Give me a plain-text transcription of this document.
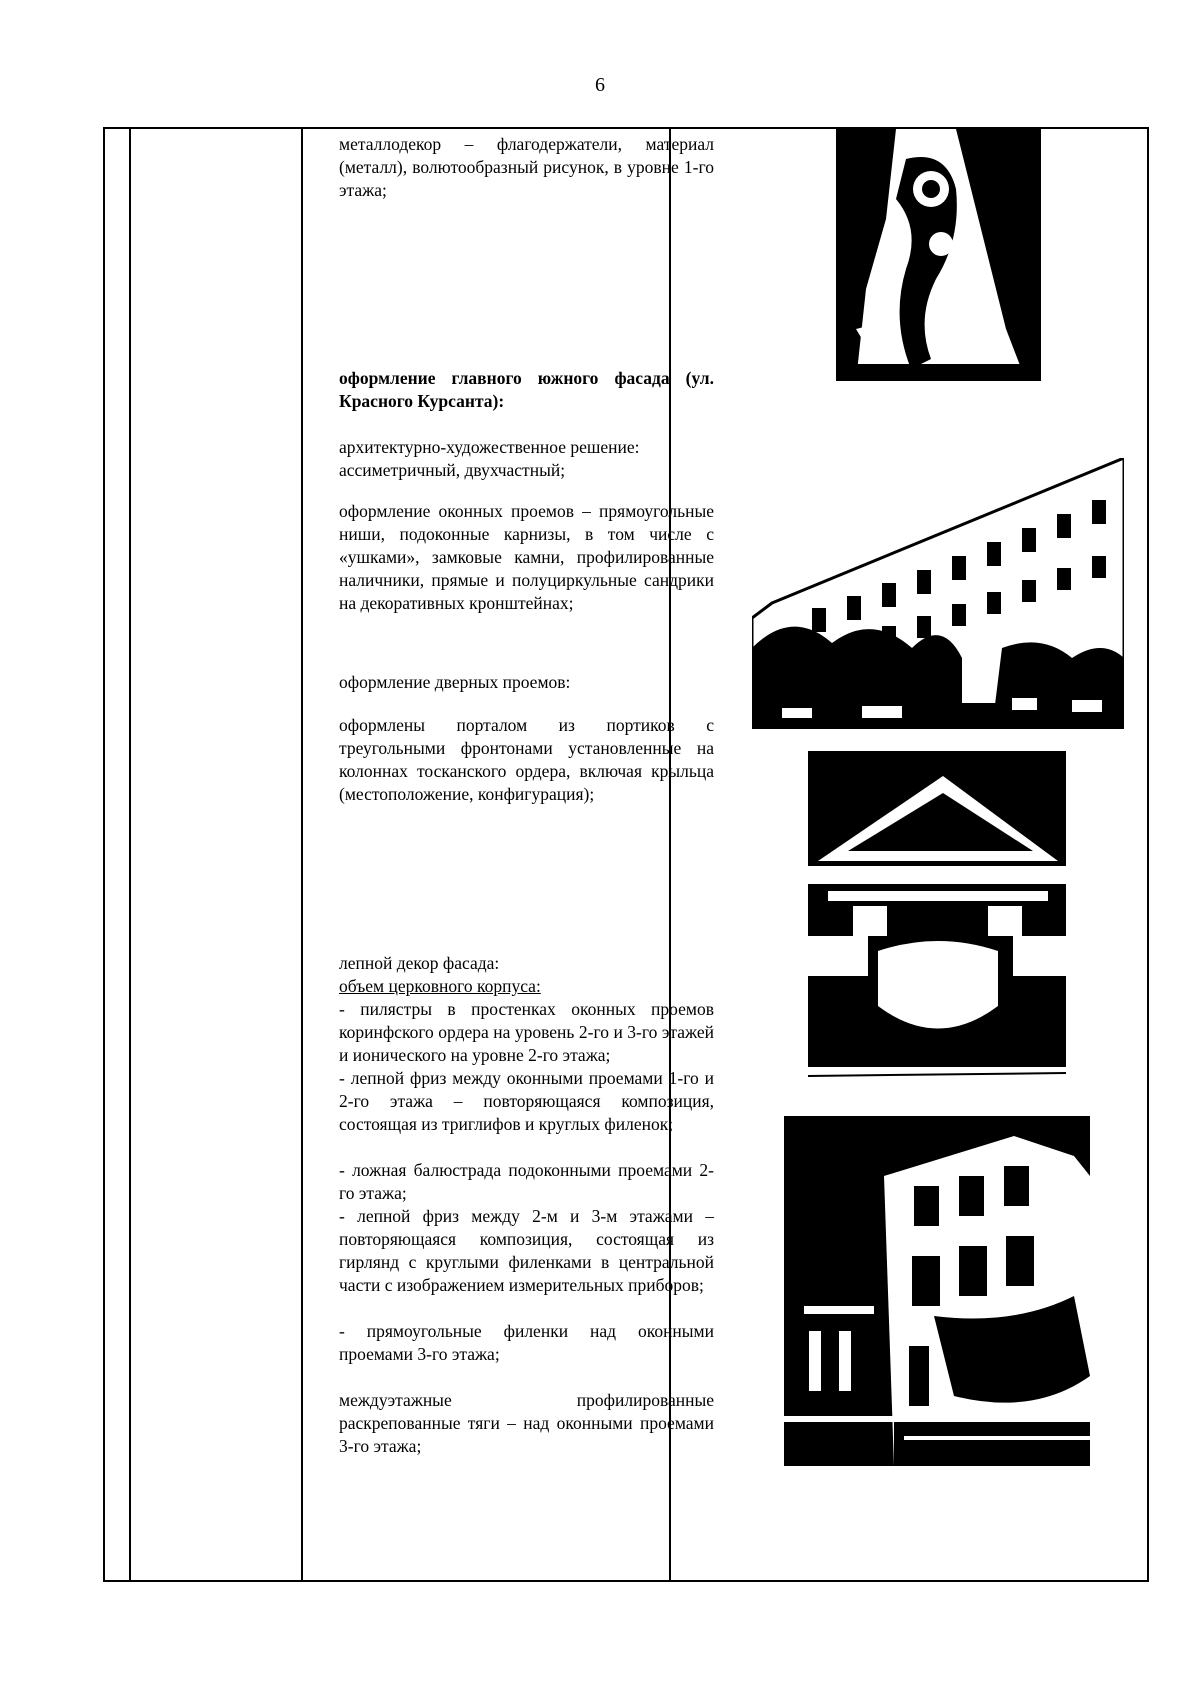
6

металлодекор – флагодержатели, материал (металл), волютообразный рисунок, в уровне 1-го этажа;

оформление главного южного фасада (ул. Красного Курсанта):

архитектурно-художественное решение: ассиметричный, двухчастный;

оформление оконных проемов – прямоугольные ниши, подоконные карнизы, в том числе с «ушками», замковые камни, профилированные наличники, прямые и полуциркульные сандрики на декоративных кронштейнах;

оформление дверных проемов:

оформлены порталом из портиков с треугольными фронтонами установленные на колоннах тосканского ордера, включая крыльца (местоположение, конфигурация);

лепной декор фасада:

объем церковного корпуса:

- пилястры в простенках оконных проемов коринфского ордера на уровень 2-го и 3-го этажей и ионического на уровне 2-го этажа;

- лепной фриз между оконными проемами 1-го и 2-го этажа – повторяющаяся композиция, состоящая из триглифов и круглых филенок;

- ложная балюстрада подоконными проемами 2-го этажа;

- лепной фриз между 2-м и 3-м этажами – повторяющаяся композиция, состоящая из гирлянд с круглыми филенками в центральной части с изображением измерительных приборов;

- прямоугольные филенки над оконными проемами 3-го этажа;

междуэтажные профилированные раскрепованные тяги – над оконными проемами 3-го этажа;
